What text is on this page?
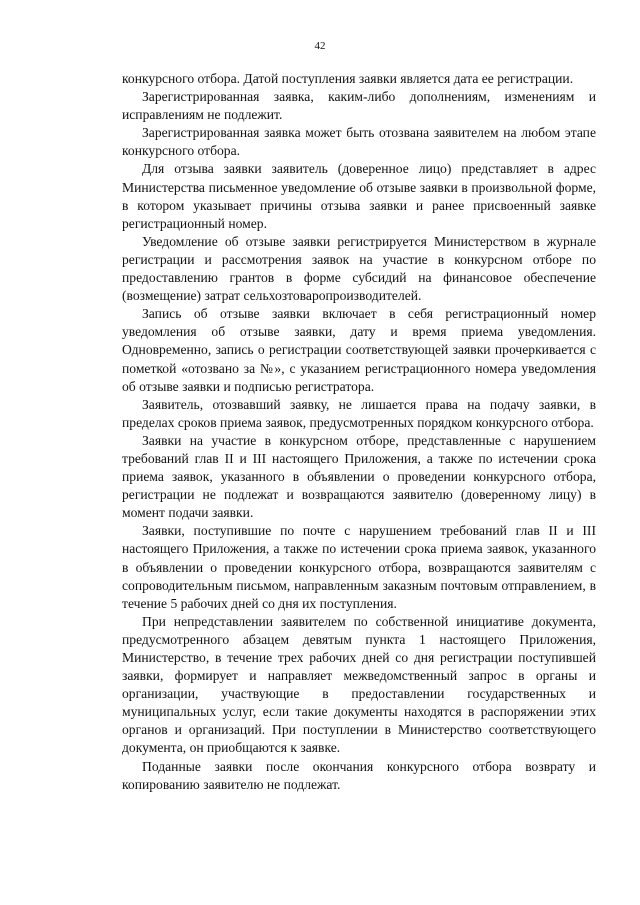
42

конкурсного отбора. Датой поступления заявки является дата ее регистрации.

Зарегистрированная заявка, каким-либо дополнениям, изменениям и исправлениям не подлежит.

Зарегистрированная заявка может быть отозвана заявителем на любом этапе конкурсного отбора.

Для отзыва заявки заявитель (доверенное лицо) представляет в адрес Министерства письменное уведомление об отзыве заявки в произвольной форме, в котором указывает причины отзыва заявки и ранее присвоенный заявке регистрационный номер.

Уведомление об отзыве заявки регистрируется Министерством в журнале регистрации и рассмотрения заявок на участие в конкурсном отборе по предоставлению грантов в форме субсидий на финансовое обеспечение (возмещение) затрат сельхозтоваропроизводителей.

Запись об отзыве заявки включает в себя регистрационный номер уведомления об отзыве заявки, дату и время приема уведомления. Одновременно, запись о регистрации соответствующей заявки прочеркивается с пометкой «отозвано за №», с указанием регистрационного номера уведомления об отзыве заявки и подписью регистратора.

Заявитель, отозвавший заявку, не лишается права на подачу заявки, в пределах сроков приема заявок, предусмотренных порядком конкурсного отбора.

Заявки на участие в конкурсном отборе, представленные с нарушением требований глав II и III настоящего Приложения, а также по истечении срока приема заявок, указанного в объявлении о проведении конкурсного отбора, регистрации не подлежат и возвращаются заявителю (доверенному лицу) в момент подачи заявки.

Заявки, поступившие по почте с нарушением требований глав II и III настоящего Приложения, а также по истечении срока приема заявок, указанного в объявлении о проведении конкурсного отбора, возвращаются заявителям с сопроводительным письмом, направленным заказным почтовым отправлением, в течение 5 рабочих дней со дня их поступления.

При непредставлении заявителем по собственной инициативе документа, предусмотренного абзацем девятым пункта 1 настоящего Приложения, Министерство, в течение трех рабочих дней со дня регистрации поступившей заявки, формирует и направляет межведомственный запрос в органы и организации, участвующие в предоставлении государственных и муниципальных услуг, если такие документы находятся в распоряжении этих органов и организаций. При поступлении в Министерство соответствующего документа, он приобщаются к заявке.

Поданные заявки после окончания конкурсного отбора возврату и копированию заявителю не подлежат.
